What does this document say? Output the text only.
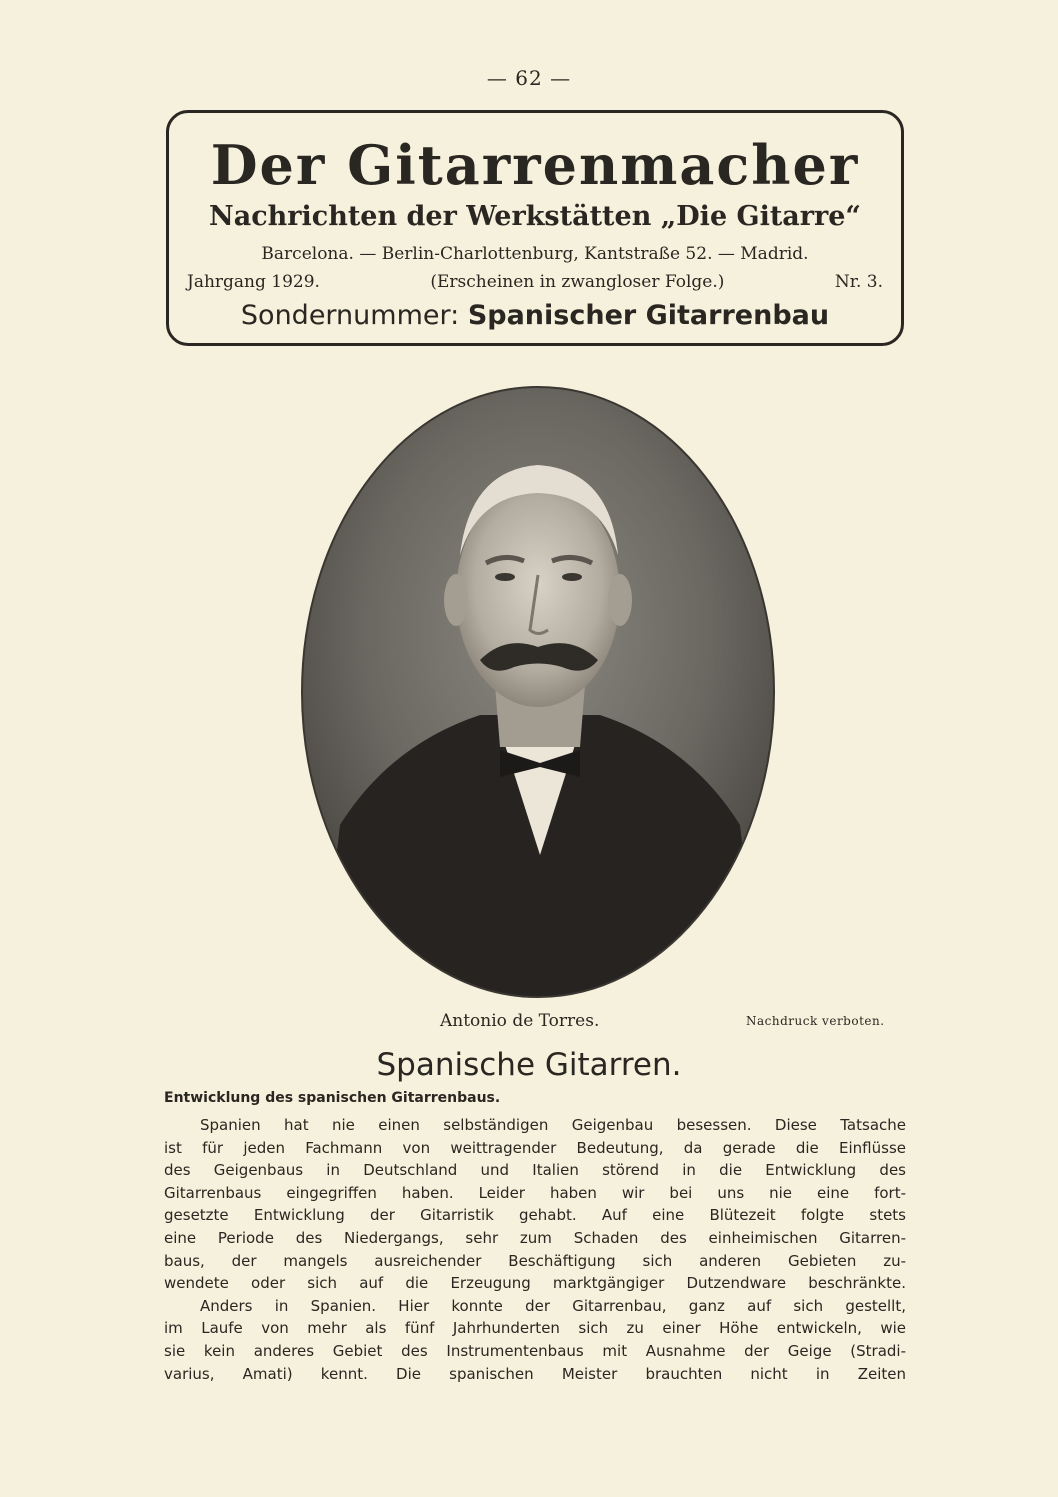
— 62 —
Der Gitarrenmacher
Nachrichten der Werkstätten „Die Gitarre“
Barcelona. — Berlin-Charlottenburg, Kantstraße 52. — Madrid.
Jahrgang 1929.	(Erscheinen in zwangloser Folge.)	Nr. 3.
Sondernummer: Spanischer Gitarrenbau
Antonio de Torres.	Nachdruck verboten.
Spanische Gitarren.
Entwicklung des spanischen Gitarrenbaus.
Spanien hat nie einen selbständigen Geigenbau besessen. Diese Tatsache
ist für jeden Fachmann von weittragender Bedeutung, da gerade die Einflüsse
des Geigenbaus in Deutschland und Italien störend in die Entwicklung des
Gitarrenbaus eingegriffen haben. Leider haben wir bei uns nie eine fort-
gesetzte Entwicklung der Gitarristik gehabt. Auf eine Blütezeit folgte stets
eine Periode des Niedergangs, sehr zum Schaden des einheimischen Gitarren-
baus, der mangels ausreichender Beschäftigung sich anderen Gebieten zu-
wendete oder sich auf die Erzeugung marktgängiger Dutzendware beschränkte.
Anders in Spanien. Hier konnte der Gitarrenbau, ganz auf sich gestellt,
im Laufe von mehr als fünf Jahrhunderten sich zu einer Höhe entwickeln, wie
sie kein anderes Gebiet des Instrumentenbaus mit Ausnahme der Geige (Stradi-
varius, Amati) kennt. Die spanischen Meister brauchten nicht in Zeiten
